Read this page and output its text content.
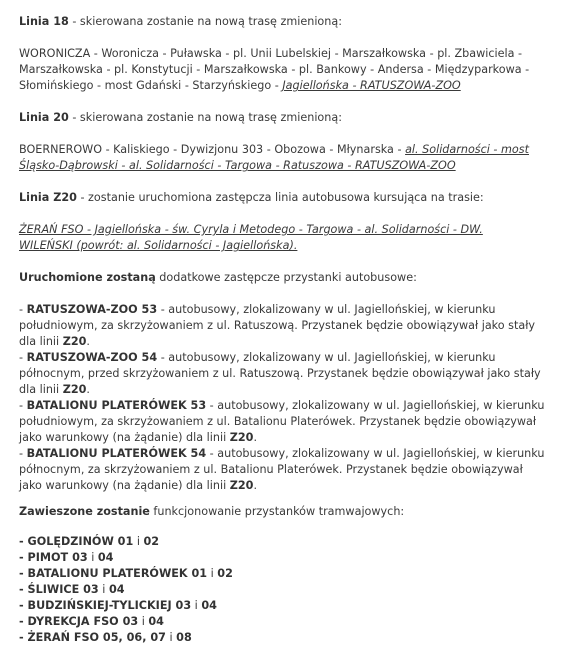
Linia 18 - skierowana zostanie na nową trasę zmienioną:

WORONICZA - Woronicza - Puławska - pl. Unii Lubelskiej - Marszałkowska - pl. Zbawiciela -

Marszałkowska - pl. Konstytucji - Marszałkowska - pl. Bankowy - Andersa - Międzyparkowa -

Słomińskiego - most Gdański - Starzyńskiego - Jagiellońska - RATUSZOWA-ZOO

Linia 20 - skierowana zostanie na nową trasę zmienioną:

BOERNEROWO - Kaliskiego - Dywizjonu 303 - Obozowa - Młynarska - al. Solidarności - most

Śląsko-Dąbrowski - al. Solidarności - Targowa - Ratuszowa - RATUSZOWA-ZOO

Linia Z20 - zostanie uruchomiona zastępcza linia autobusowa kursująca na trasie:

ŻERAŃ FSO - Jagiellońska - św. Cyryla i Metodego - Targowa - al. Solidarności - DW.

WILEŃSKI (powrót: al. Solidarności - Jagiellońska).

Uruchomione zostaną dodatkowe zastępcze przystanki autobusowe:

- RATUSZOWA-ZOO 53 - autobusowy, zlokalizowany w ul. Jagiellońskiej, w kierunku

południowym, za skrzyżowaniem z ul. Ratuszową. Przystanek będzie obowiązywał jako stały

dla linii Z20.

- RATUSZOWA-ZOO 54 - autobusowy, zlokalizowany w ul. Jagiellońskiej, w kierunku

północnym, przed skrzyżowaniem z ul. Ratuszową. Przystanek będzie obowiązywał jako stały

dla linii Z20.

- BATALIONU PLATERÓWEK 53 - autobusowy, zlokalizowany w ul. Jagiellońskiej, w kierunku

południowym, za skrzyżowaniem z ul. Batalionu Platerówek. Przystanek będzie obowiązywał

jako warunkowy (na żądanie) dla linii Z20.

- BATALIONU PLATERÓWEK 54 - autobusowy, zlokalizowany w ul. Jagiellońskiej, w kierunku

północnym, za skrzyżowaniem z ul. Batalionu Platerówek. Przystanek będzie obowiązywał

jako warunkowy (na żądanie) dla linii Z20.

Zawieszone zostanie funkcjonowanie przystanków tramwajowych:

- GOLĘDZINÓW 01 i 02
- PIMOT 03 i 04
- BATALIONU PLATERÓWEK 01 i 02
- ŚLIWICE 03 i 04
- BUDZIŃSKIEJ-TYLICKIEJ 03 i 04
- DYREKCJA FSO 03 i 04
- ŻERAŃ FSO 05, 06, 07 i 08
